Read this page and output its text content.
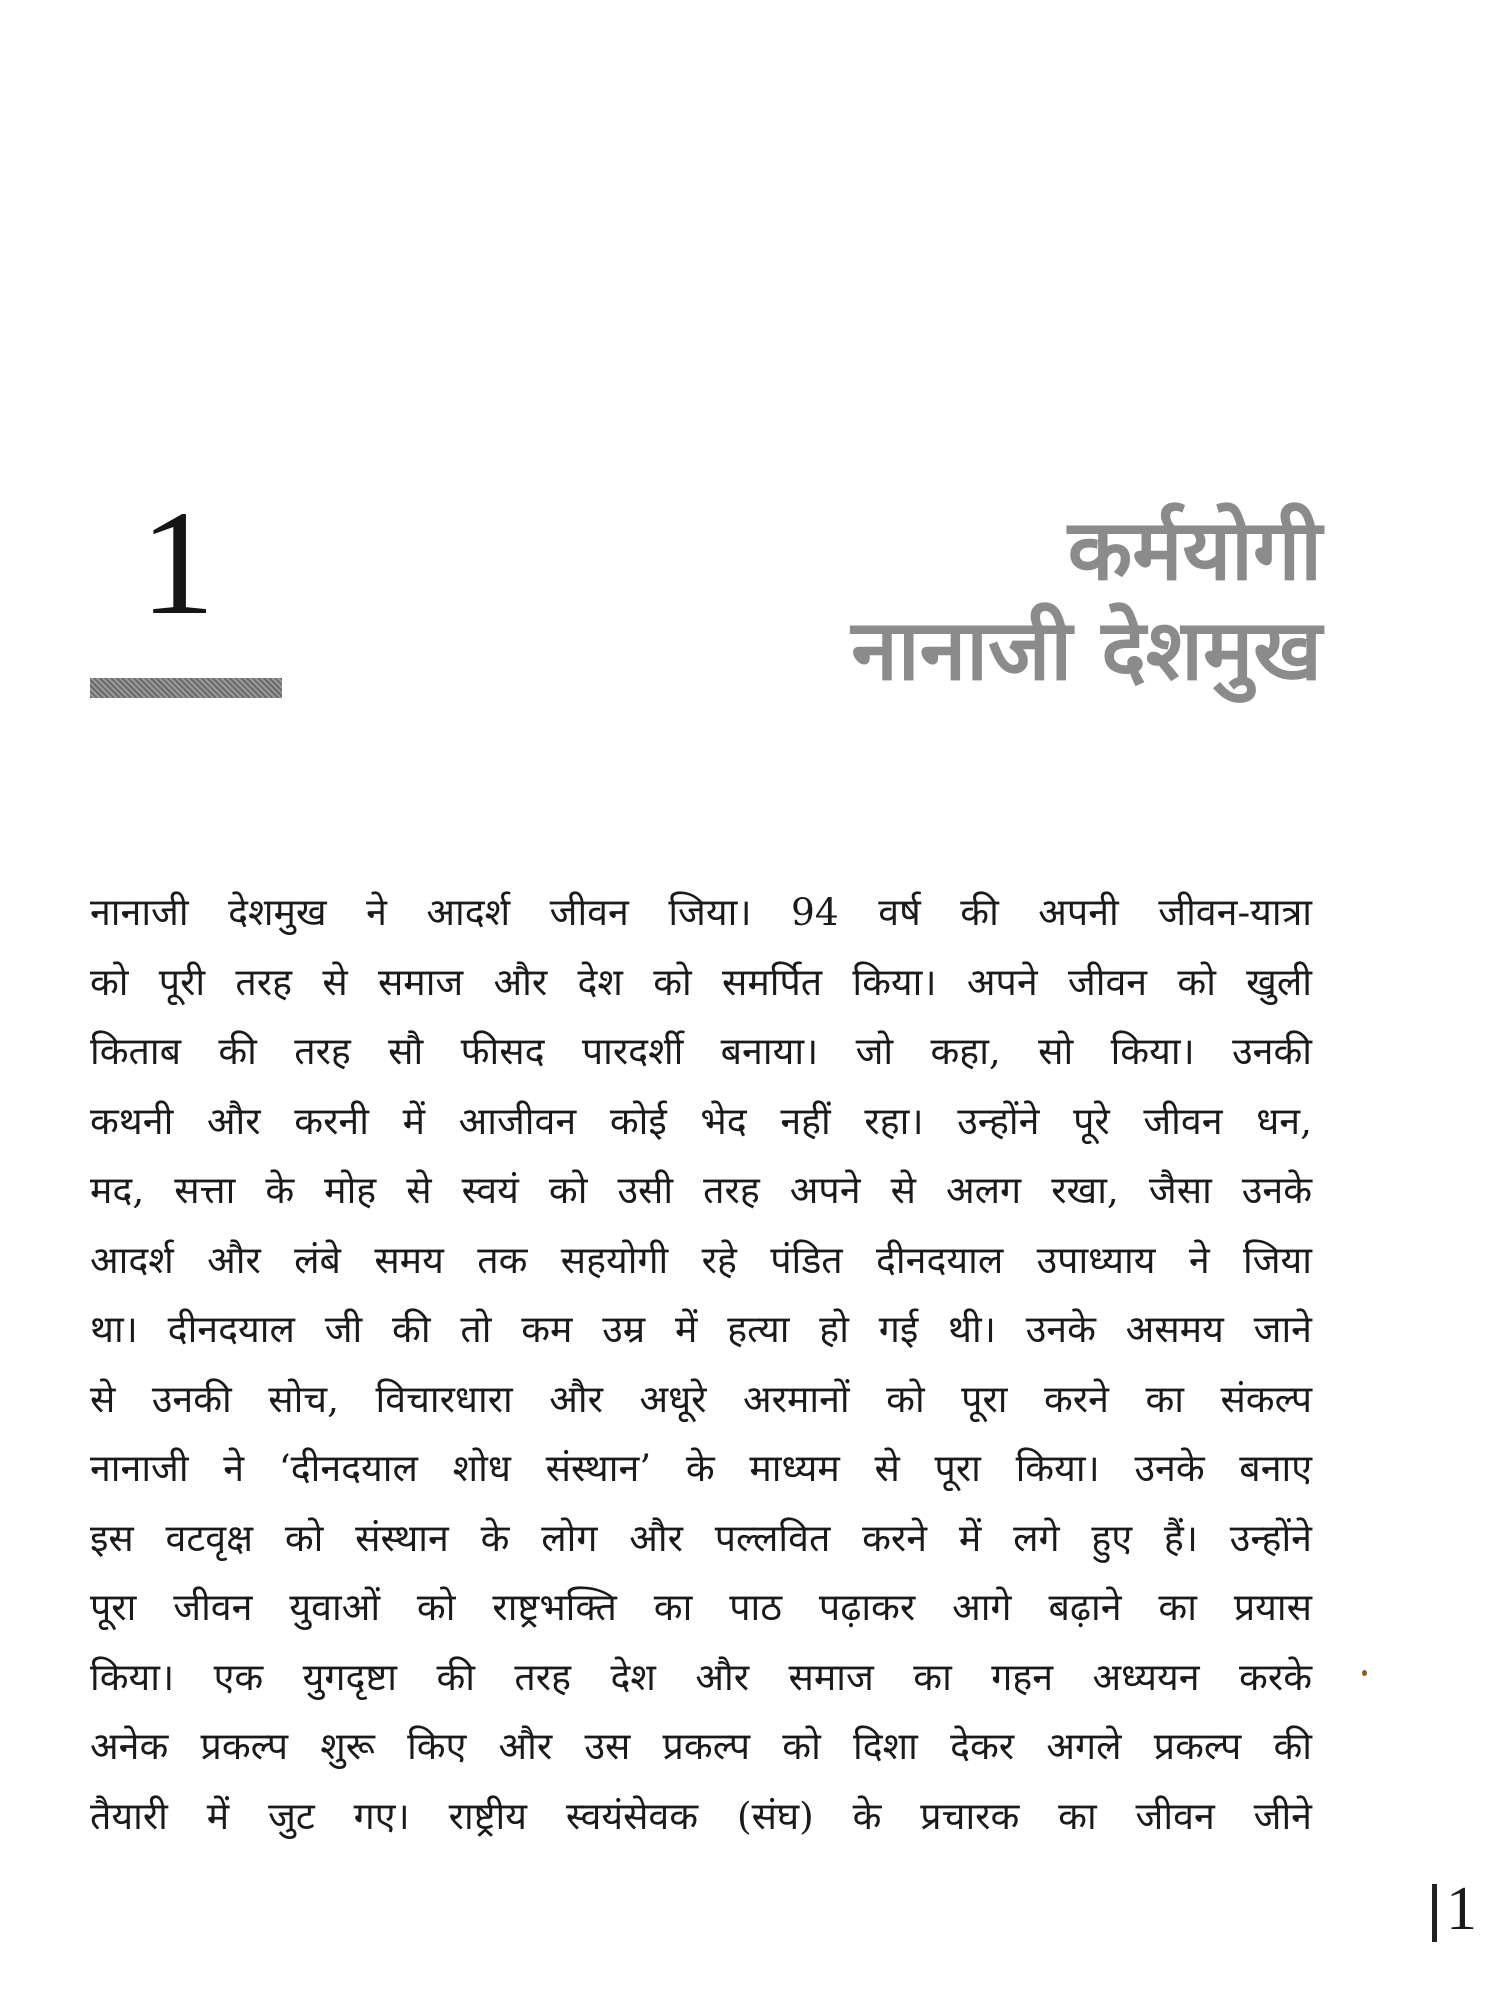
1	कर्मयोगी
नानाजी देशमुख
नानाजी देशमुख ने आदर्श जीवन जिया। 94 वर्ष की अपनी जीवन-यात्रा
को पूरी तरह से समाज और देश को समर्पित किया। अपने जीवन को खुली
किताब की तरह सौ फीसद पारदर्शी बनाया। जो कहा, सो किया। उनकी
कथनी और करनी में आजीवन कोई भेद नहीं रहा। उन्होंने पूरे जीवन धन,
मद, सत्ता के मोह से स्वयं को उसी तरह अपने से अलग रखा, जैसा उनके
आदर्श और लंबे समय तक सहयोगी रहे पंडित दीनदयाल उपाध्याय ने जिया
था। दीनदयाल जी की तो कम उम्र में हत्या हो गई थी। उनके असमय जाने
से उनकी सोच, विचारधारा और अधूरे अरमानों को पूरा करने का संकल्प
नानाजी ने ‘दीनदयाल शोध संस्थान’ के माध्यम से पूरा किया। उनके बनाए
इस वटवृक्ष को संस्थान के लोग और पल्लवित करने में लगे हुए हैं। उन्होंने
पूरा जीवन युवाओं को राष्ट्रभक्ति का पाठ पढ़ाकर आगे बढ़ाने का प्रयास
किया। एक युगदृष्टा की तरह देश और समाज का गहन अध्ययन करके
अनेक प्रकल्प शुरू किए और उस प्रकल्प को दिशा देकर अगले प्रकल्प की
तैयारी में जुट गए। राष्ट्रीय स्वयंसेवक (संघ) के प्रचारक का जीवन जीने
1
